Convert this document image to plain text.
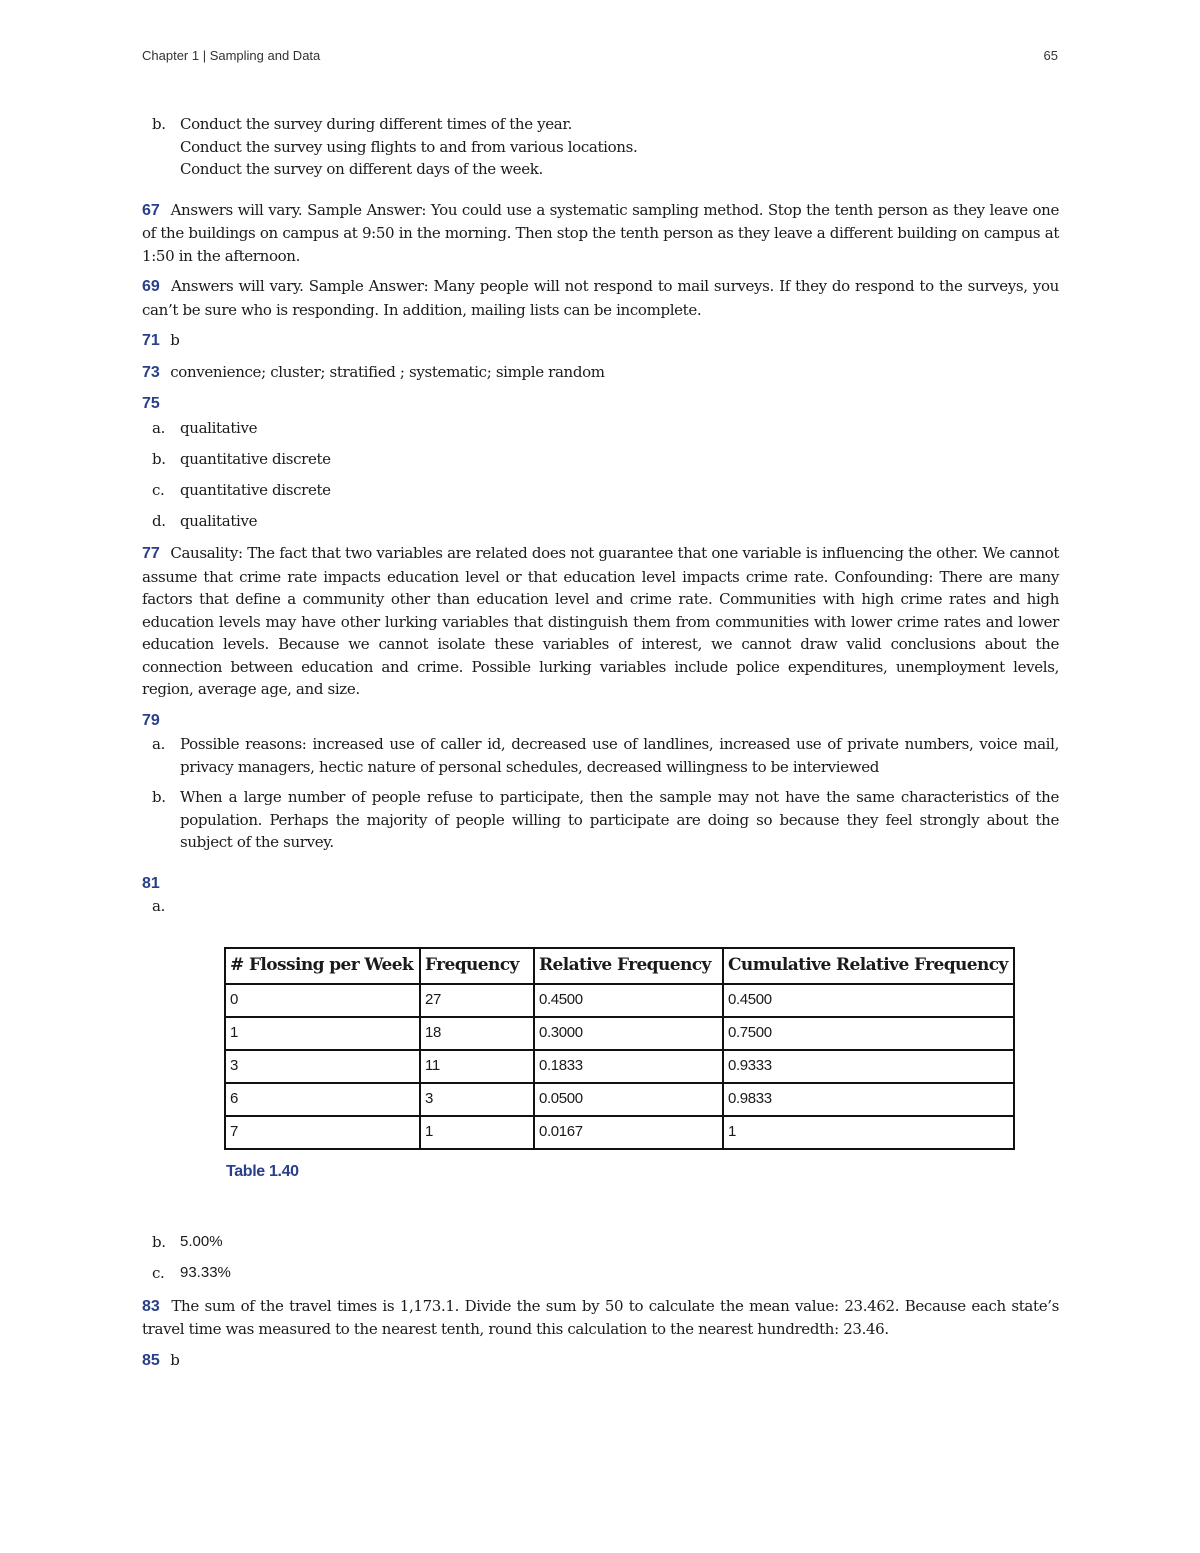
Chapter 1 | Sampling and Data	65
b. Conduct the survey during different times of the year.
Conduct the survey using flights to and from various locations.
Conduct the survey on different days of the week.

67 Answers will vary. Sample Answer: You could use a systematic sampling method. Stop the tenth person as they leave one of the buildings on campus at 9:50 in the morning. Then stop the tenth person as they leave a different building on campus at 1:50 in the afternoon.

69 Answers will vary. Sample Answer: Many people will not respond to mail surveys. If they do respond to the surveys, you can’t be sure who is responding. In addition, mailing lists can be incomplete.

71 b

73 convenience; cluster; stratified ; systematic; simple random

75
a. qualitative
b. quantitative discrete
c.	quantitative discrete
d. qualitative

77 Causality: The fact that two variables are related does not guarantee that one variable is influencing the other. We cannot assume that crime rate impacts education level or that education level impacts crime rate. Confounding: There are many factors that define a community other than education level and crime rate. Communities with high crime rates and high education levels may have other lurking variables that distinguish them from communities with lower crime rates and lower education levels. Because we cannot isolate these variables of interest, we cannot draw valid conclusions about the connection between education and crime. Possible lurking variables include police expenditures, unemployment levels, region, average age, and size.

79
a. Possible reasons: increased use of caller id, decreased use of landlines, increased use of private numbers, voice mail, privacy managers, hectic nature of personal schedules, decreased willingness to be interviewed
b. When a large number of people refuse to participate, then the sample may not have the same characteristics of the population. Perhaps the majority of people willing to participate are doing so because they feel strongly about the subject of the survey.
81
a.
# Flossing per Week	Frequency	Relative Frequency	Cumulative Relative Frequency
0	27	0.4500	0.4500
1	18	0.3000	0.7500
3	11	0.1833	0.9333
6	3	0.0500	0.9833
7	1	0.0167	1
Table 1.40
b. 5.00%
c.	93.33%

83 The sum of the travel times is 1,173.1. Divide the sum by 50 to calculate the mean value: 23.462. Because each state’s travel time was measured to the nearest tenth, round this calculation to the nearest hundredth: 23.46.

85 b
